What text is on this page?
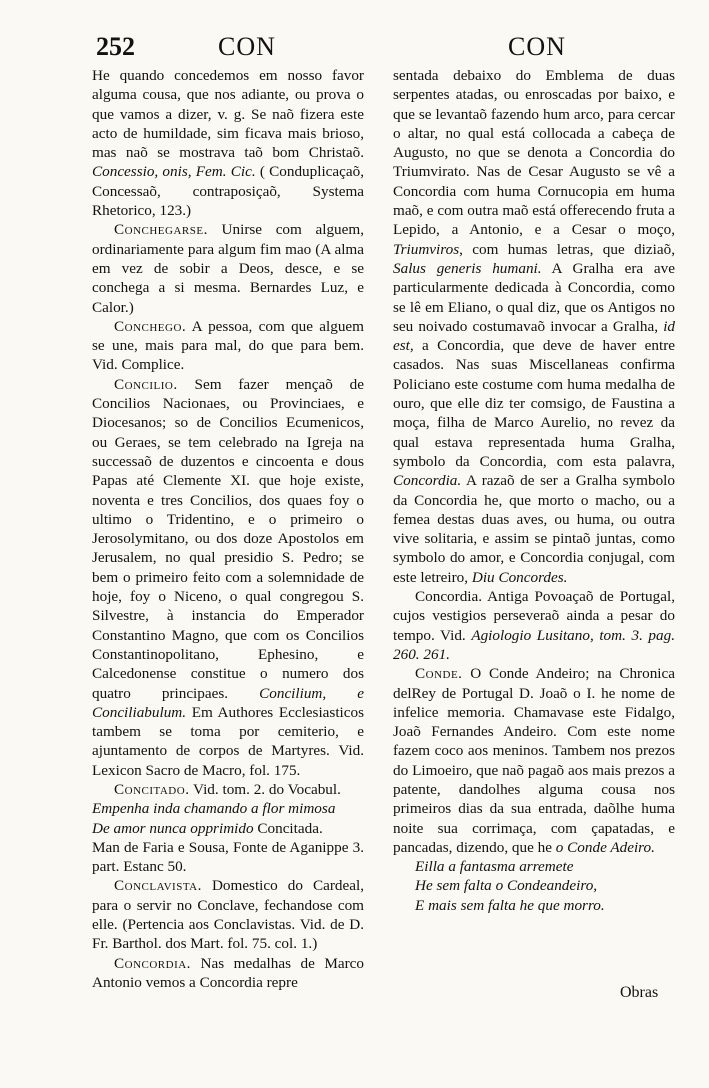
252	CON	CON

He quando concedemos em nosso favor alguma cousa, que nos adiante, ou prova o que vamos a dizer, v. g. Se naõ fizera este acto de humildade, sim ficava mais brioso, mas naõ se mostrava taõ bom Christaõ. Concessio, onis, Fem. Cic. ( Conduplicaçaõ, Concessaõ, contraposiçaõ, Systema Rhetorico, 123.)

Conchegarse. Unirse com alguem, ordinariamente para algum fim mao (A alma em vez de sobir a Deos, desce, e se conchega a si mesma. Bernardes Luz, e Calor.)

Conchego. A pessoa, com que alguem se une, mais para mal, do que para bem. Vid. Complice.

Concilio. Sem fazer mençaõ de Concilios Nacionaes, ou Provinciaes, e Diocesanos; so de Concilios Ecumenicos, ou Geraes, se tem celebrado na Igreja na successaõ de duzentos e cincoenta e dous Papas até Clemente XI. que hoje existe, noventa e tres Concilios, dos quaes foy o ultimo o Tridentino, e o primeiro o Jerosolymitano, ou dos doze Apostolos em Jerusalem, no qual presidio S. Pedro; se bem o primeiro feito com a solemnidade de hoje, foy o Niceno, o qual congregou S. Silvestre, à instancia do Emperador Constantino Magno, que com os Concilios Constantinopolitano, Ephesino, e Calcedonense constitue o numero dos quatro principaes. Concilium, e Conciliabulum. Em Authores Ecclesiasticos tambem se toma por cemiterio, e ajuntamento de corpos de Martyres. Vid. Lexicon Sacro de Macro, fol. 175.

Concitado. Vid. tom. 2. do Vocabul.

Empenha inda chamando a flor mimosa

De amor nunca opprimido Concitada.

Man de Faria e Sousa, Fonte de Aganippe 3. part. Estanc 50.

Conclavista. Domestico do Cardeal, para o servir no Conclave, fechandose com elle. (Pertencia aos Conclavistas. Vid. de D. Fr. Barthol. dos Mart. fol. 75. col. 1.)

Concordia. Nas medalhas de Marco Antonio vemos a Concordia repre

sentada debaixo do Emblema de duas serpentes atadas, ou enroscadas por baixo, e que se levantaõ fazendo hum arco, para cercar o altar, no qual está collocada a cabeça de Augusto, no que se denota a Concordia do Triumvirato. Nas de Cesar Augusto se vê a Concordia com huma Cornucopia em huma maõ, e com outra maõ está offerecendo fruta a Lepido, a Antonio, e a Cesar o moço, Triumviros, com humas letras, que diziaõ, Salus generis humani. A Gralha era ave particularmente dedicada à Concordia, como se lê em Eliano, o qual diz, que os Antigos no seu noivado costumavaõ invocar a Gralha, id est, a Concordia, que deve de haver entre casados. Nas suas Miscellaneas confirma Policiano este costume com huma medalha de ouro, que elle diz ter comsigo, de Faustina a moça, filha de Marco Aurelio, no revez da qual estava representada huma Gralha, symbolo da Concordia, com esta palavra, Concordia. A razaõ de ser a Gralha symbolo da Concordia he, que morto o macho, ou a femea destas duas aves, ou huma, ou outra vive solitaria, e assim se pintaõ juntas, como symbolo do amor, e Concordia conjugal, com este letreiro, Diu Concordes.

Concordia. Antiga Povoaçaõ de Portugal, cujos vestigios perseveraõ ainda a pesar do tempo. Vid. Agiologio Lusitano, tom. 3. pag. 260. 261.

Conde. O Conde Andeiro; na Chronica delRey de Portugal D. Joaõ o I. he nome de infelice memoria. Chamavase este Fidalgo, Joaõ Fernandes Andeiro. Com este nome fazem coco aos meninos. Tambem nos prezos do Limoeiro, que naõ pagaõ aos mais prezos a patente, dandolhes alguma cousa nos primeiros dias da sua entrada, daõlhe huma noite sua corrimaça, com çapatadas, e pancadas, dizendo, que he o Conde Adeiro.

Eilla a fantasma arremete

He sem falta o Condeandeiro,

E mais sem falta he que morro.

Obras
